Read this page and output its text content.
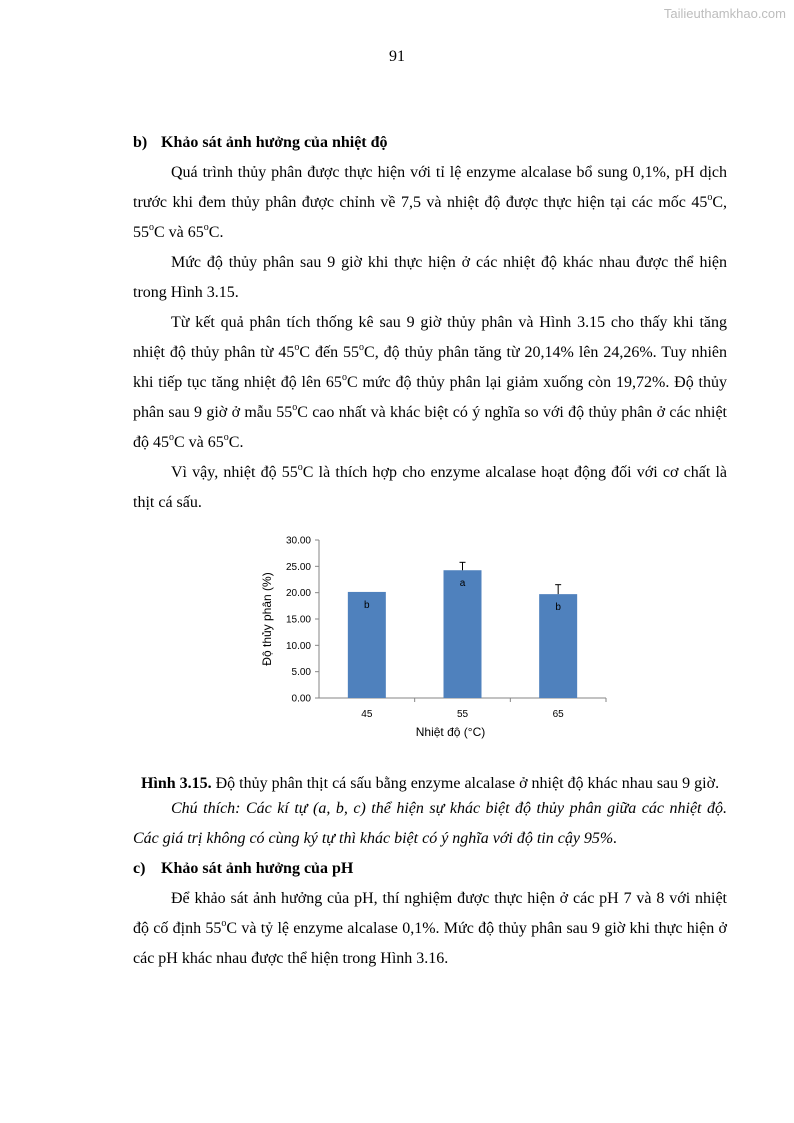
Tailieuthamkhao.com
91
b) Khảo sát ảnh hưởng của nhiệt độ

Quá trình thủy phân được thực hiện với tỉ lệ enzyme alcalase bổ sung 0,1%, pH dịch trước khi đem thủy phân được chỉnh về 7,5 và nhiệt độ được thực hiện tại các mốc 45$^o$C, 55$^o$C và 65$^o$C.

Mức độ thủy phân sau 9 giờ khi thực hiện ở các nhiệt độ khác nhau được thể hiện trong Hình 3.15.

Từ kết quả phân tích thống kê sau 9 giờ thủy phân và Hình 3.15 cho thấy khi tăng nhiệt độ thủy phân từ 45$^o$C đến 55$^o$C, độ thủy phân tăng từ 20,14% lên 24,26%. Tuy nhiên khi tiếp tục tăng nhiệt độ lên 65$^o$C mức độ thủy phân lại giảm xuống còn 19,72%. Độ thủy phân sau 9 giờ ở mẫu 55$^o$C cao nhất và khác biệt có ý nghĩa so với độ thủy phân ở các nhiệt độ 45$^o$C và 65$^o$C.

Vì vậy, nhiệt độ 55$^o$C là thích hợp cho enzyme alcalase hoạt động đối với cơ chất là thịt cá sấu.

0.00
5.00
10.00
15.00
20.00
25.00
30.00
b
45
a
55
b
65
Nhiệt độ (°C)
Độ thủy phân (%)
Hình 3.15. Độ thủy phân thịt cá sấu bằng enzyme alcalase ở nhiệt độ khác nhau sau 9 giờ.

Chú thích: Các kí tự (a, b, c) thể hiện sự khác biệt độ thủy phân giữa các nhiệt độ. Các giá trị không có cùng ký tự thì khác biệt có ý nghĩa với độ tin cậy 95%.

c) Khảo sát ảnh hưởng của pH

Để khảo sát ảnh hưởng của pH, thí nghiệm được thực hiện ở các pH 7 và 8 với nhiệt độ cố định 55$^o$C và tỷ lệ enzyme alcalase 0,1%. Mức độ thủy phân sau 9 giờ khi thực hiện ở các pH khác nhau được thể hiện trong Hình 3.16.
